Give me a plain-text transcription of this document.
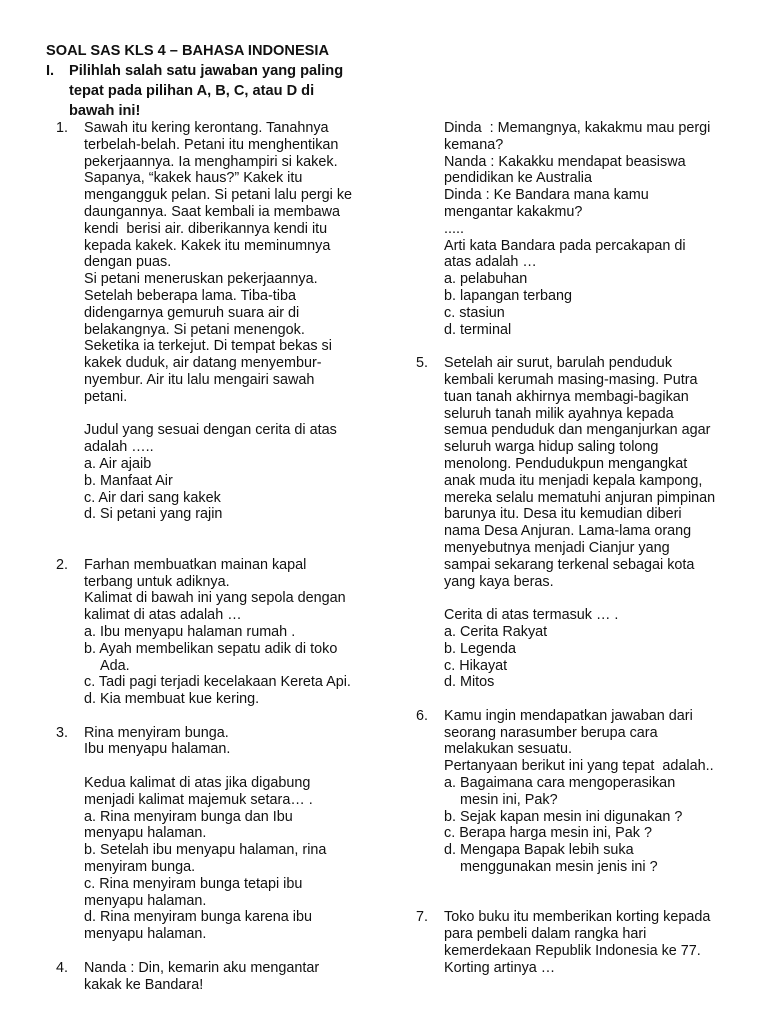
SOAL SAS KLS 4 – BAHASA INDONESIA
I.	Pilihlah salah satu jawaban yang paling
tepat pada pilihan A, B, C, atau D di
bawah ini!
1.	Sawah itu kering kerontang. Tanahnya
terbelah-belah. Petani itu menghentikan
pekerjaannya. Ia menghampiri si kakek.
Sapanya, “kakek haus?” Kakek itu
mengangguk pelan. Si petani lalu pergi ke
daungannya. Saat kembali ia membawa
kendi  berisi air. diberikannya kendi itu
kepada kakek. Kakek itu meminumnya
dengan puas.
Si petani meneruskan pekerjaannya.
Setelah beberapa lama. Tiba-tiba
didengarnya gemuruh suara air di
belakangnya. Si petani menengok.
Seketika ia terkejut. Di tempat bekas si
kakek duduk, air datang menyembur-
nyembur. Air itu lalu mengairi sawah
petani.
Judul yang sesuai dengan cerita di atas
adalah …..
a. Air ajaib
b. Manfaat Air
c. Air dari sang kakek
d. Si petani yang rajin
2.	Farhan membuatkan mainan kapal
terbang untuk adiknya.
Kalimat di bawah ini yang sepola dengan
kalimat di atas adalah …
a. Ibu menyapu halaman rumah .
b. Ayah membelikan sepatu adik di toko
Ada.
c. Tadi pagi terjadi kecelakaan Kereta Api.
d. Kia membuat kue kering.
3.	Rina menyiram bunga.
Ibu menyapu halaman.
Kedua kalimat di atas jika digabung
menjadi kalimat majemuk setara… .
a. Rina menyiram bunga dan Ibu
menyapu halaman.
b. Setelah ibu menyapu halaman, rina
menyiram bunga.
c. Rina menyiram bunga tetapi ibu
menyapu halaman.
d. Rina menyiram bunga karena ibu
menyapu halaman.
4.	Nanda : Din, kemarin aku mengantar
kakak ke Bandara!
Dinda  : Memangnya, kakakmu mau pergi
kemana?
Nanda : Kakakku mendapat beasiswa
pendidikan ke Australia
Dinda : Ke Bandara mana kamu
mengantar kakakmu?
.....
Arti kata Bandara pada percakapan di
atas adalah …
a. pelabuhan
b. lapangan terbang
c. stasiun
d. terminal
5.	Setelah air surut, barulah penduduk
kembali kerumah masing-masing. Putra
tuan tanah akhirnya membagi-bagikan
seluruh tanah milik ayahnya kepada
semua penduduk dan menganjurkan agar
seluruh warga hidup saling tolong
menolong. Pendudukpun mengangkat
anak muda itu menjadi kepala kampong,
mereka selalu mematuhi anjuran pimpinan
barunya itu. Desa itu kemudian diberi
nama Desa Anjuran. Lama-lama orang
menyebutnya menjadi Cianjur yang
sampai sekarang terkenal sebagai kota
yang kaya beras.
Cerita di atas termasuk … .
a. Cerita Rakyat
b. Legenda
c. Hikayat
d. Mitos
6.	Kamu ingin mendapatkan jawaban dari
seorang narasumber berupa cara
melakukan sesuatu.
Pertanyaan berikut ini yang tepat  adalah..
a. Bagaimana cara mengoperasikan
mesin ini, Pak?
b. Sejak kapan mesin ini digunakan ?
c. Berapa harga mesin ini, Pak ?
d. Mengapa Bapak lebih suka
menggunakan mesin jenis ini ?
7.	Toko buku itu memberikan korting kepada
para pembeli dalam rangka hari
kemerdekaan Republik Indonesia ke 77.
Korting artinya …
